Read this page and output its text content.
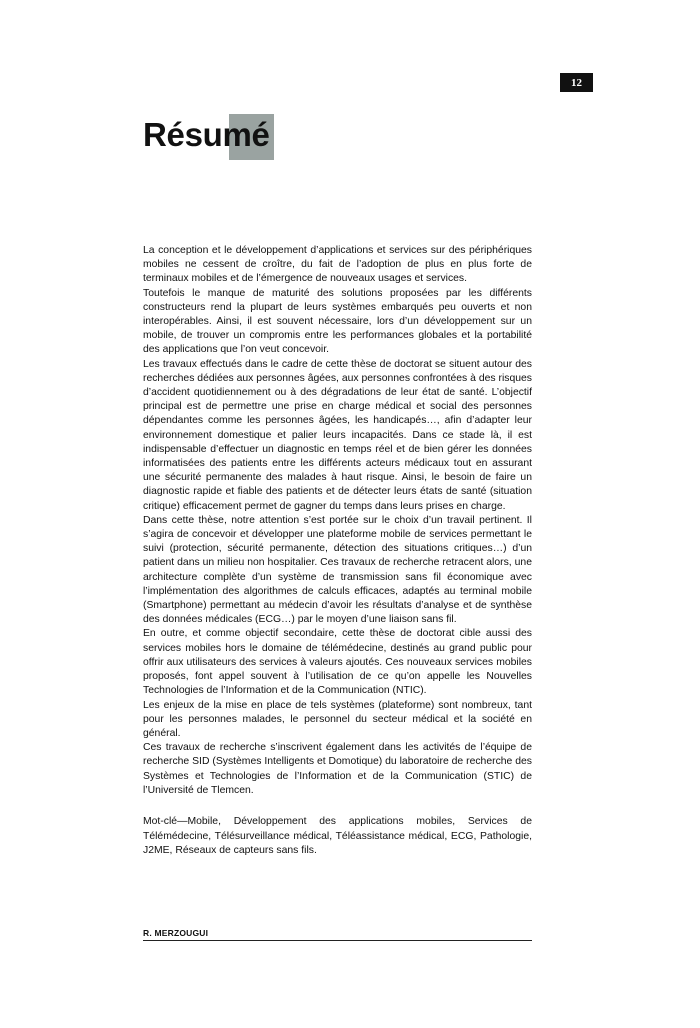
12
Résumé

La conception et le développement d’applications et services sur des périphériques mobiles ne cessent de croître, du fait de l’adoption de plus en plus forte de terminaux mobiles et de l’émergence de nouveaux usages et services.

Toutefois le manque de maturité des solutions proposées par les différents constructeurs rend la plupart de leurs systèmes embarqués peu ouverts et non interopérables. Ainsi, il est souvent nécessaire, lors d’un développement sur un mobile, de trouver un compromis entre les performances globales et la portabilité des applications que l’on veut concevoir.

Les travaux effectués dans le cadre de cette thèse de doctorat se situent autour des recherches dédiées aux personnes âgées, aux personnes confrontées à des risques d’accident quotidiennement ou à des dégradations de leur état de santé. L’objectif principal est de permettre une prise en charge médical et social des personnes dépendantes comme les personnes âgées, les handicapés…, afin d’adapter leur environnement domestique et palier leurs incapacités. Dans ce stade là, il est indispensable d’effectuer un diagnostic en temps réel et de bien gérer les données informatisées des patients entre les différents acteurs médicaux tout en assurant une sécurité permanente des malades à haut risque. Ainsi, le besoin de faire un diagnostic rapide et fiable des patients et de détecter leurs états de santé (situation critique) efficacement permet de gagner du temps dans leurs prises en charge.

Dans cette thèse, notre attention s’est portée sur le choix d’un travail pertinent. Il s’agira de concevoir et développer une plateforme mobile de services permettant le suivi (protection, sécurité permanente, détection des situations critiques…) d’un patient dans un milieu non hospitalier. Ces travaux de recherche retracent alors, une architecture complète d’un système de transmission sans fil économique avec l’implémentation des algorithmes de calculs efficaces, adaptés au terminal mobile (Smartphone) permettant au médecin d’avoir les résultats d’analyse et de synthèse des données médicales (ECG…) par le moyen d’une liaison sans fil.

En outre, et comme objectif secondaire, cette thèse de doctorat cible aussi des services mobiles hors le domaine de télémédecine, destinés au grand public pour offrir aux utilisateurs des services à valeurs ajoutés. Ces nouveaux services mobiles proposés, font appel souvent à l’utilisation de ce qu’on appelle les Nouvelles Technologies de l’Information et de la Communication (NTIC).

Les enjeux de la mise en place de tels systèmes (plateforme) sont nombreux, tant pour les personnes malades, le personnel du secteur médical et la société en général.

Ces travaux de recherche s’inscrivent également dans les activités de l’équipe de recherche SID (Systèmes Intelligents et Domotique) du laboratoire de recherche des Systèmes et Technologies de l’Information et de la Communication (STIC) de l’Université de Tlemcen.

Mot-clé—Mobile, Développement des applications mobiles, Services de Télémédecine, Télésurveillance médical, Téléassistance médical, ECG, Pathologie, J2ME, Réseaux de capteurs sans fils.

R. MERZOUGUI
